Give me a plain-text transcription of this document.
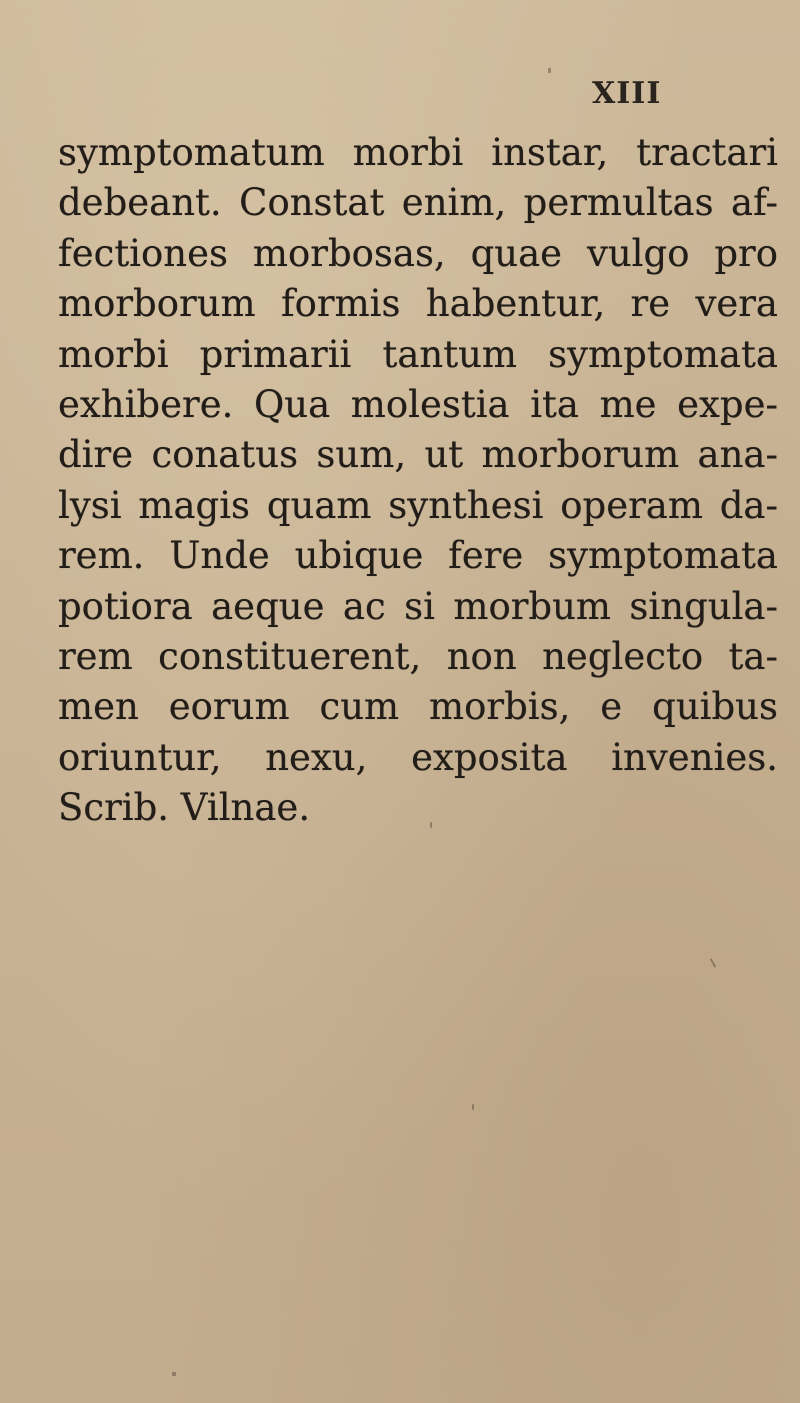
XIII
symptomatum morbi instar, tractari
debeant. Constat enim, permultas af-
fectiones morbosas, quae vulgo pro
morborum formis habentur, re vera
morbi primarii tantum symptomata
exhibere. Qua molestia ita me expe-
dire conatus sum, ut morborum ana-
lysi magis quam synthesi operam da-
rem. Unde ubique fere symptomata
potiora aeque ac si morbum singula-
rem constituerent, non neglecto ta-
men eorum cum morbis, e quibus
oriuntur, nexu, exposita invenies.
Scrib. Vilnae.
